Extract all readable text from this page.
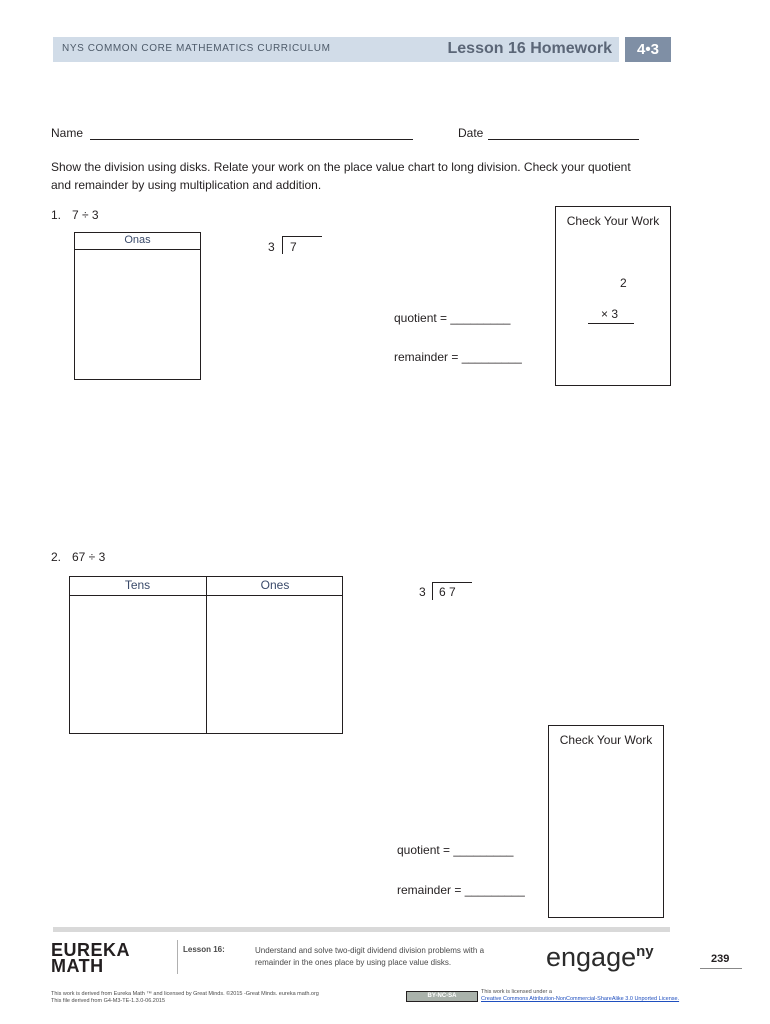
NYS COMMON CORE MATHEMATICS CURRICULUM	Lesson 16 Homework	4•3
Name	Date
Show the division using disks. Relate your work on the place value chart to long division. Check your quotient
and remainder by using multiplication and addition.
1. 7 ÷ 3
Onas	3 7
quotient = _________
remainder = _________
Check Your Work
2
× 3
2. 67 ÷ 3
Tens	Ones	3 6 7
quotient = _________
remainder = _________
Check Your Work
EUREKA
MATH
Lesson 16:	Understand and solve two-digit dividend division problems with a
remainder in the ones place by using place value disks.	engage$^{ny}$	239
This work is derived from Eureka Math ™ and licensed by Great Minds. ©2015 -Great Minds. eureka math.org
This file derived from G4-M3-TE-1.3.0-06.2015
BY-NC-SA
This work is licensed under a
Creative Commons Attribution-NonCommercial-ShareAlike 3.0 Unported License.
